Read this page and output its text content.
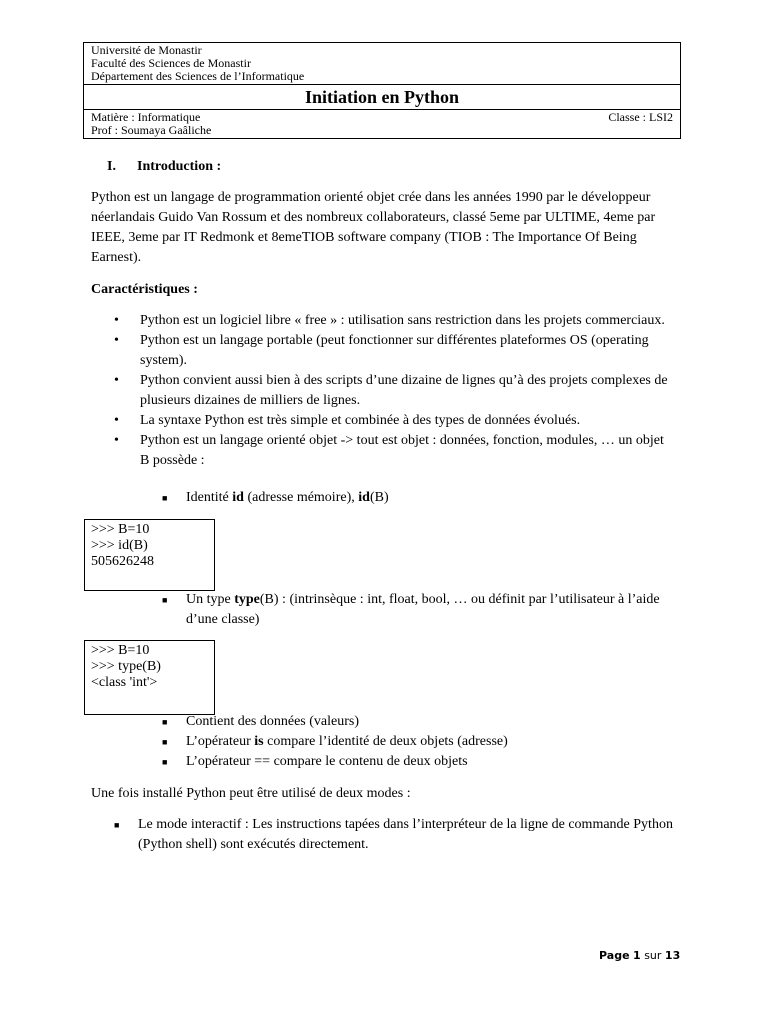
Université de Monastir
Faculté des Sciences de Monastir
Département des Sciences de l’Informatique
Initiation en Python
Matière : Informatique	Classe : LSI2
Prof : Soumaya Gaâliche
I. Introduction :
Python est un langage de programmation orienté objet crée dans les années 1990 par le développeur néerlandais Guido Van Rossum et des nombreux collaborateurs, classé 5eme par ULTIME, 4eme par IEEE, 3eme par IT Redmonk et 8emeTIOB software company (TIOB : The Importance Of Being Earnest).
Caractéristiques :
• Python est un logiciel libre « free » : utilisation sans restriction dans les projets commerciaux.
• Python est un langage portable (peut fonctionner sur différentes plateformes OS (operating system).
• Python convient aussi bien à des scripts d’une dizaine de lignes qu’à des projets complexes de plusieurs dizaines de milliers de lignes.
• La syntaxe Python est très simple et combinée à des types de données évolués.
• Python est un langage orienté objet -> tout est objet : données, fonction, modules, … un objet B possède :
■ Identité id (adresse mémoire), id(B)
>>> B=10
>>> id(B)
505626248
■ Un type type(B) : (intrinsèque : int, float, bool, … ou définit par l’utilisateur à l’aide d’une classe)
>>> B=10
>>> type(B)
<class 'int'>
■ Contient des données (valeurs)
■ L’opérateur is compare l’identité de deux objets (adresse)
■ L’opérateur == compare le contenu de deux objets
Une fois installé Python peut être utilisé de deux modes :
■ Le mode interactif : Les instructions tapées dans l’interpréteur de la ligne de commande Python (Python shell) sont exécutés directement.
Page 1 sur 13
